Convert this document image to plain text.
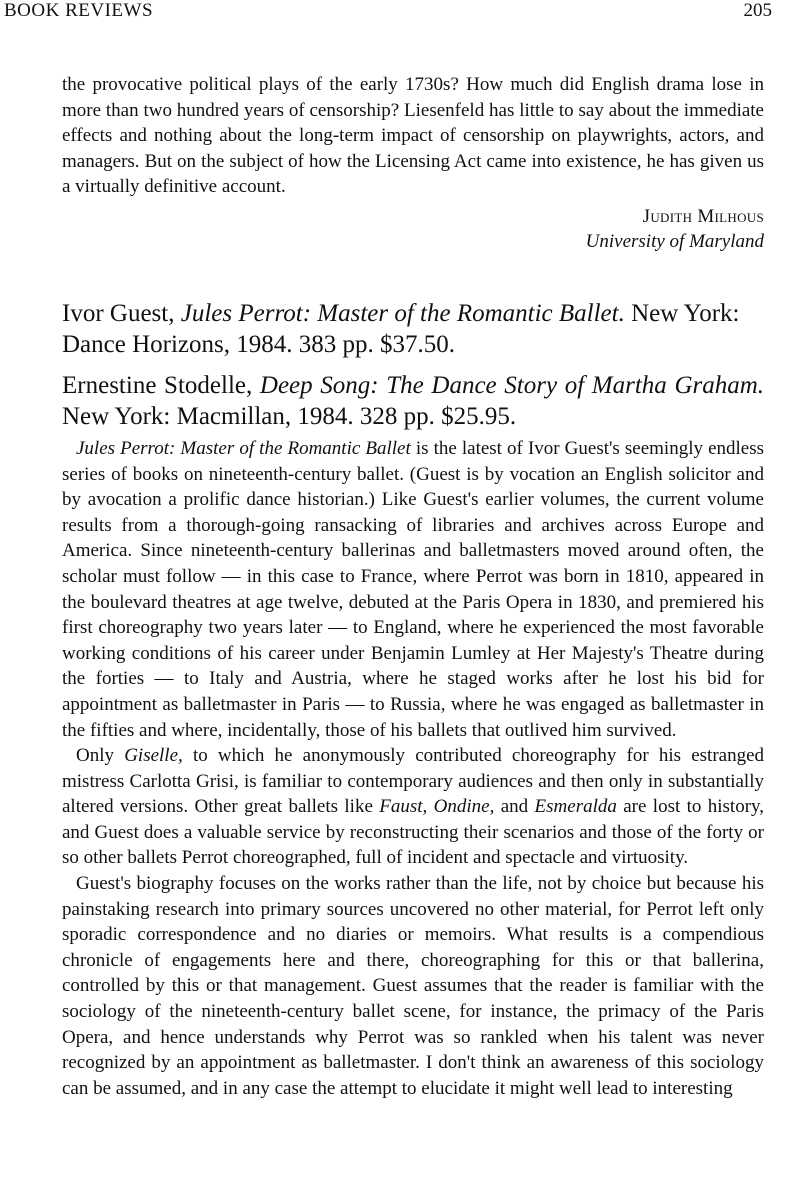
BOOK REVIEWS	205

the provocative political plays of the early 1730s? How much did English drama lose in more than two hundred years of censorship? Liesenfeld has little to say about the immediate effects and nothing about the long-term impact of censorship on playwrights, actors, and managers. But on the subject of how the Licensing Act came into existence, he has given us a virtually definitive account.

Judith Milhous
University of Maryland

Ivor Guest, Jules Perrot: Master of the Romantic Ballet. New York: Dance Horizons, 1984. 383 pp. $37.50.

Ernestine Stodelle, Deep Song: The Dance Story of Martha Graham. New York: Macmillan, 1984. 328 pp. $25.95.

Jules Perrot: Master of the Romantic Ballet is the latest of Ivor Guest's seemingly endless series of books on nineteenth-century ballet. (Guest is by vocation an English solicitor and by avocation a prolific dance historian.) Like Guest's earlier volumes, the current volume results from a thorough-going ransacking of libraries and archives across Europe and America. Since nineteenth-century ballerinas and balletmasters moved around often, the scholar must follow — in this case to France, where Perrot was born in 1810, appeared in the boulevard theatres at age twelve, debuted at the Paris Opera in 1830, and premiered his first choreography two years later — to England, where he experienced the most favorable working conditions of his career under Benjamin Lumley at Her Majesty's Theatre during the forties — to Italy and Austria, where he staged works after he lost his bid for appointment as balletmaster in Paris — to Russia, where he was engaged as balletmaster in the fifties and where, incidentally, those of his ballets that outlived him survived.

Only Giselle, to which he anonymously contributed choreography for his estranged mistress Carlotta Grisi, is familiar to contemporary audiences and then only in substantially altered versions. Other great ballets like Faust, Ondine, and Esmeralda are lost to history, and Guest does a valuable service by reconstructing their scenarios and those of the forty or so other ballets Perrot choreographed, full of incident and spectacle and virtuosity.

Guest's biography focuses on the works rather than the life, not by choice but because his painstaking research into primary sources uncovered no other material, for Perrot left only sporadic correspondence and no diaries or memoirs. What results is a compendious chronicle of engagements here and there, choreographing for this or that ballerina, controlled by this or that management. Guest assumes that the reader is familiar with the sociology of the nineteenth-century ballet scene, for instance, the primacy of the Paris Opera, and hence understands why Perrot was so rankled when his talent was never recognized by an appointment as balletmaster. I don't think an awareness of this sociology can be assumed, and in any case the attempt to elucidate it might well lead to interesting
